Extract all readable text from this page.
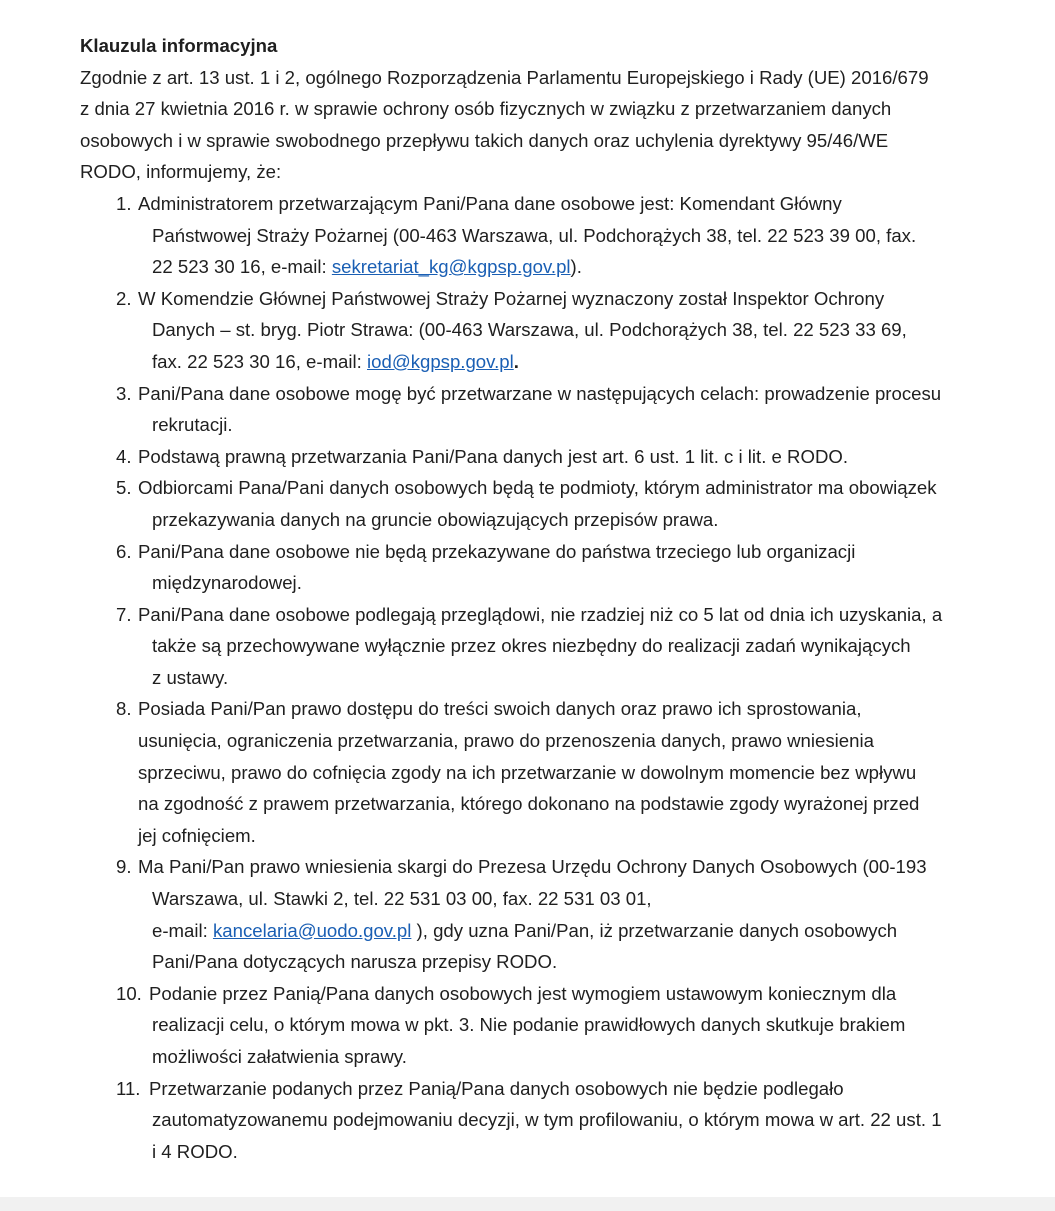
Klauzula informacyjna

Zgodnie z art. 13 ust. 1 i 2, ogólnego Rozporządzenia Parlamentu Europejskiego i Rady (UE) 2016/679
z dnia 27 kwietnia 2016 r. w sprawie ochrony osób fizycznych w związku z przetwarzaniem danych
osobowych i w sprawie swobodnego przepływu takich danych oraz uchylenia dyrektywy 95/46/WE
RODO, informujemy, że:

1. Administratorem przetwarzającym Pani/Pana dane osobowe jest: Komendant Główny
Państwowej Straży Pożarnej (00-463 Warszawa, ul. Podchorążych 38, tel. 22 523 39 00, fax.
22 523 30 16, e-mail: sekretariat_kg@kgpsp.gov.pl).
2. W Komendzie Głównej Państwowej Straży Pożarnej wyznaczony został Inspektor Ochrony
Danych – st. bryg. Piotr Strawa: (00-463 Warszawa, ul. Podchorążych 38, tel. 22 523 33 69,
fax. 22 523 30 16, e-mail: iod@kgpsp.gov.pl.
3. Pani/Pana dane osobowe mogę być przetwarzane w następujących celach: prowadzenie procesu
rekrutacji.
4. Podstawą prawną przetwarzania Pani/Pana danych jest art. 6 ust. 1 lit. c i lit. e RODO.
5. Odbiorcami Pana/Pani danych osobowych będą te podmioty, którym administrator ma obowiązek
przekazywania danych na gruncie obowiązujących przepisów prawa.
6. Pani/Pana dane osobowe nie będą przekazywane do państwa trzeciego lub organizacji
międzynarodowej.
7. Pani/Pana dane osobowe podlegają przeglądowi, nie rzadziej niż co 5 lat od dnia ich uzyskania, a
także są przechowywane wyłącznie przez okres niezbędny do realizacji zadań wynikających
z ustawy.
8. Posiada Pani/Pan prawo dostępu do treści swoich danych oraz prawo ich sprostowania,
usunięcia, ograniczenia przetwarzania, prawo do przenoszenia danych, prawo wniesienia
sprzeciwu, prawo do cofnięcia zgody na ich przetwarzanie w dowolnym momencie bez wpływu
na zgodność z prawem przetwarzania, którego dokonano na podstawie zgody wyrażonej przed
jej cofnięciem.
9. Ma Pani/Pan prawo wniesienia skargi do Prezesa Urzędu Ochrony Danych Osobowych (00-193
Warszawa, ul. Stawki 2, tel. 22 531 03 00, fax. 22 531 03 01,
e-mail: kancelaria@uodo.gov.pl ), gdy uzna Pani/Pan, iż przetwarzanie danych osobowych
Pani/Pana dotyczących narusza przepisy RODO.
10. Podanie przez Panią/Pana danych osobowych jest wymogiem ustawowym koniecznym dla
realizacji celu, o którym mowa w pkt. 3. Nie podanie prawidłowych danych skutkuje brakiem
możliwości załatwienia sprawy.
11. Przetwarzanie podanych przez Panią/Pana danych osobowych nie będzie podlegało
zautomatyzowanemu podejmowaniu decyzji, w tym profilowaniu, o którym mowa w art. 22 ust. 1
i 4 RODO.
